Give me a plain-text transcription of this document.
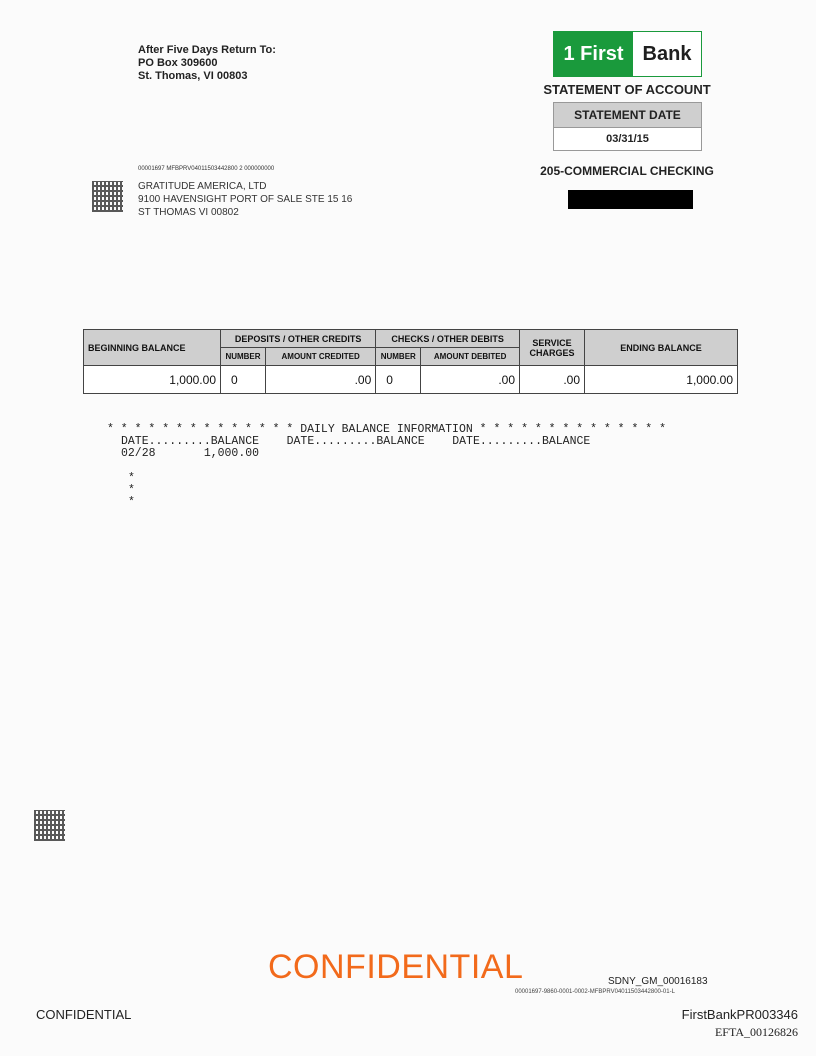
After Five Days Return To:
PO Box 309600
St. Thomas, VI 00803
1 First Bank
STATEMENT OF ACCOUNT
STATEMENT DATE
03/31/15
205-COMMERCIAL CHECKING
00001697 MFBPRV04011503442800 2 000000000
GRATITUDE AMERICA, LTD
9100 HAVENSIGHT PORT OF SALE STE 15 16
ST THOMAS VI 00802
BEGINNING BALANCE	DEPOSITS / OTHER CREDITS		CHECKS / OTHER DEBITS		SERVICE CHARGES	ENDING BALANCE
	NUMBER	AMOUNT CREDITED	NUMBER	AMOUNT DEBITED		
1,000.00	0	.00	0	.00	.00	1,000.00
* * * * * * * * * * * * * * DAILY BALANCE INFORMATION * * * * * * * * * * * * * *
DATE.........BALANCE    DATE.........BALANCE    DATE.........BALANCE
02/28       1,000.00
*
*
*
CONFIDENTIAL	SDNY_GM_00016183
00001697-9860-0001-0002-MFBPRV04011503442800-01-L
CONFIDENTIAL	FirstBankPR003346
EFTA_00126826
